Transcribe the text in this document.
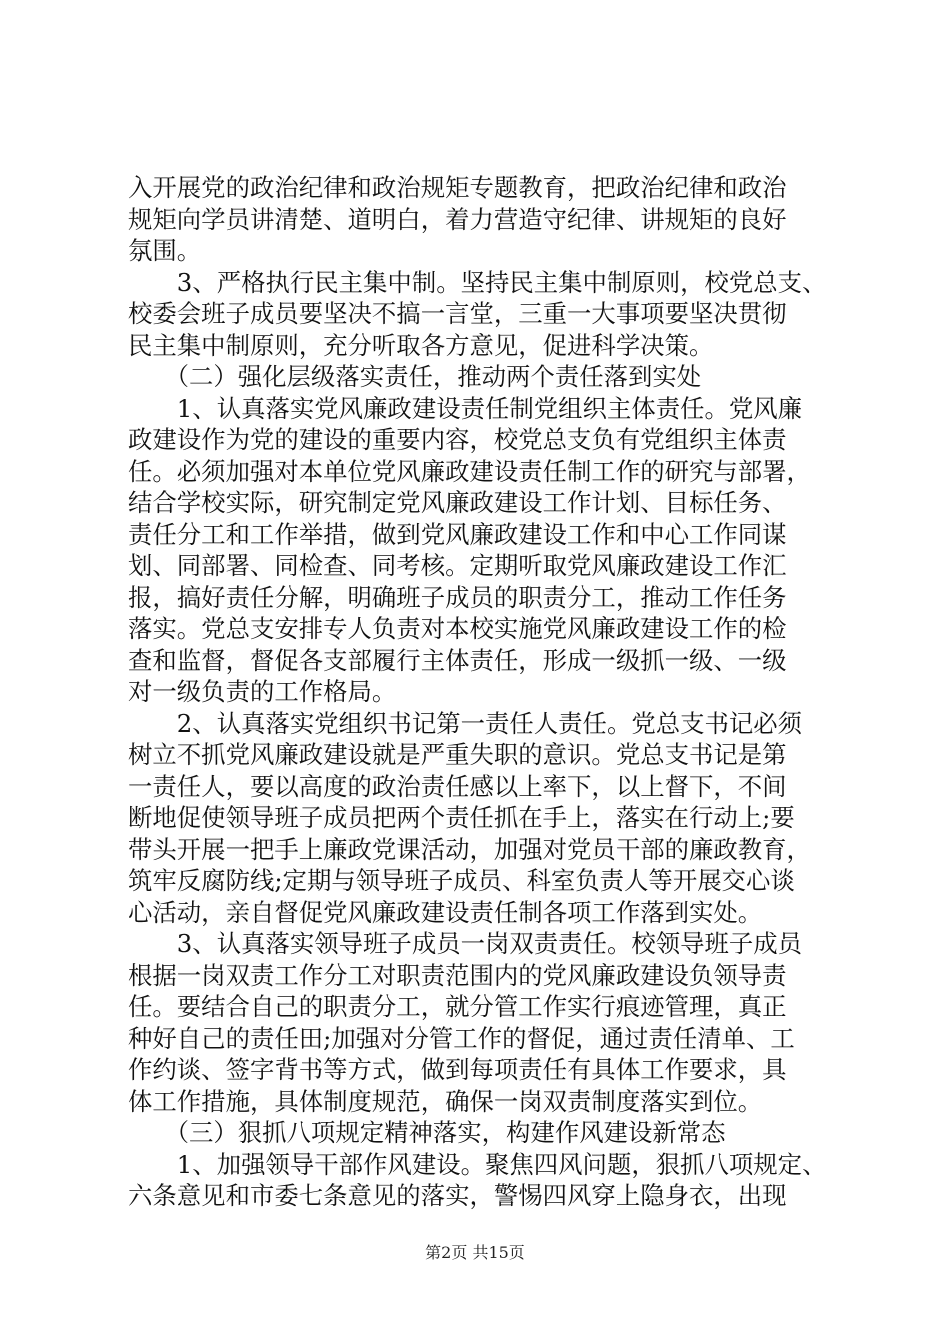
入开展党的政治纪律和政治规矩专题教育，把政治纪律和政治
规矩向学员讲清楚、道明白，着力营造守纪律、讲规矩的良好
氛围。
　　3、严格执行民主集中制。坚持民主集中制原则，校党总支、
校委会班子成员要坚决不搞一言堂，三重一大事项要坚决贯彻
民主集中制原则，充分听取各方意见，促进科学决策。
　　（二）强化层级落实责任，推动两个责任落到实处
　　1、认真落实党风廉政建设责任制党组织主体责任。党风廉
政建设作为党的建设的重要内容，校党总支负有党组织主体责
任。必须加强对本单位党风廉政建设责任制工作的研究与部署，
结合学校实际，研究制定党风廉政建设工作计划、目标任务、
责任分工和工作举措，做到党风廉政建设工作和中心工作同谋
划、同部署、同检查、同考核。定期听取党风廉政建设工作汇
报，搞好责任分解，明确班子成员的职责分工，推动工作任务
落实。党总支安排专人负责对本校实施党风廉政建设工作的检
查和监督，督促各支部履行主体责任，形成一级抓一级、一级
对一级负责的工作格局。
　　2、认真落实党组织书记第一责任人责任。党总支书记必须
树立不抓党风廉政建设就是严重失职的意识。党总支书记是第
一责任人，要以高度的政治责任感以上率下，以上督下，不间
断地促使领导班子成员把两个责任抓在手上，落实在行动上;要
带头开展一把手上廉政党课活动，加强对党员干部的廉政教育，
筑牢反腐防线;定期与领导班子成员、科室负责人等开展交心谈
心活动，亲自督促党风廉政建设责任制各项工作落到实处。
　　3、认真落实领导班子成员一岗双责责任。校领导班子成员
根据一岗双责工作分工对职责范围内的党风廉政建设负领导责
任。要结合自己的职责分工，就分管工作实行痕迹管理，真正
种好自己的责任田;加强对分管工作的督促，通过责任清单、工
作约谈、签字背书等方式，做到每项责任有具体工作要求，具
体工作措施，具体制度规范，确保一岗双责制度落实到位。
　　（三）狠抓八项规定精神落实，构建作风建设新常态
　　1、加强领导干部作风建设。聚焦四风问题，狠抓八项规定、
六条意见和市委七条意见的落实，警惕四风穿上隐身衣，出现
第2页 共15页
